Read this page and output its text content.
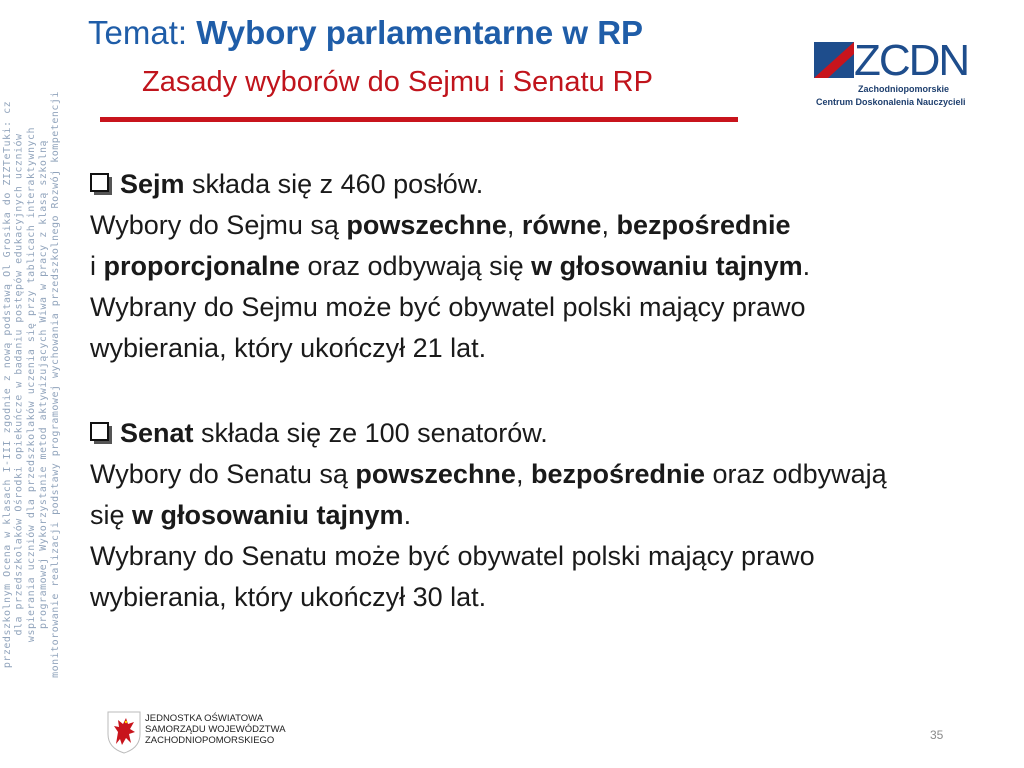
przedszkolnym Ocena w klasach I-III zgodnie z nową podstawą Ol Grosika do ZIZTeTuki: cz dla przedszkolaków Ośrodki opiekuńcze w badaniu postępów edukacyjnych uczniów wspierania uczniów dla przedszkolaków uczenia się przy tablicach interaktywnych programowej Wykorzystanie metod aktywizujących Wiwa w pracy z klasą szkolną monitorowanie realizacji podstawy programowej wychowania przedszkolnego Rozwój kompetencji
Temat: Wybory parlamentarne w RP
Zasady wyborów do Sejmu i Senatu RP	ZCDN
Zachodniopomorskie
Centrum Doskonalenia Nauczycieli

Sejm składa się z 460 posłów.

Wybory do Sejmu są powszechne, równe, bezpośrednie
i proporcjonalne oraz odbywają się w głosowaniu tajnym.

Wybrany do Sejmu może być obywatel polski mający prawo
wybierania, który ukończył 21 lat.

Senat składa się ze 100 senatorów.

Wybory do Senatu są powszechne, bezpośrednie oraz odbywają
się w głosowaniu tajnym.

Wybrany do Senatu może być obywatel polski mający prawo
wybierania, który ukończył 30 lat.

JEDNOSTKA OŚWIATOWA
SAMORZĄDU WOJEWÓDZTWA
ZACHODNIOPOMORSKIEGO	35
